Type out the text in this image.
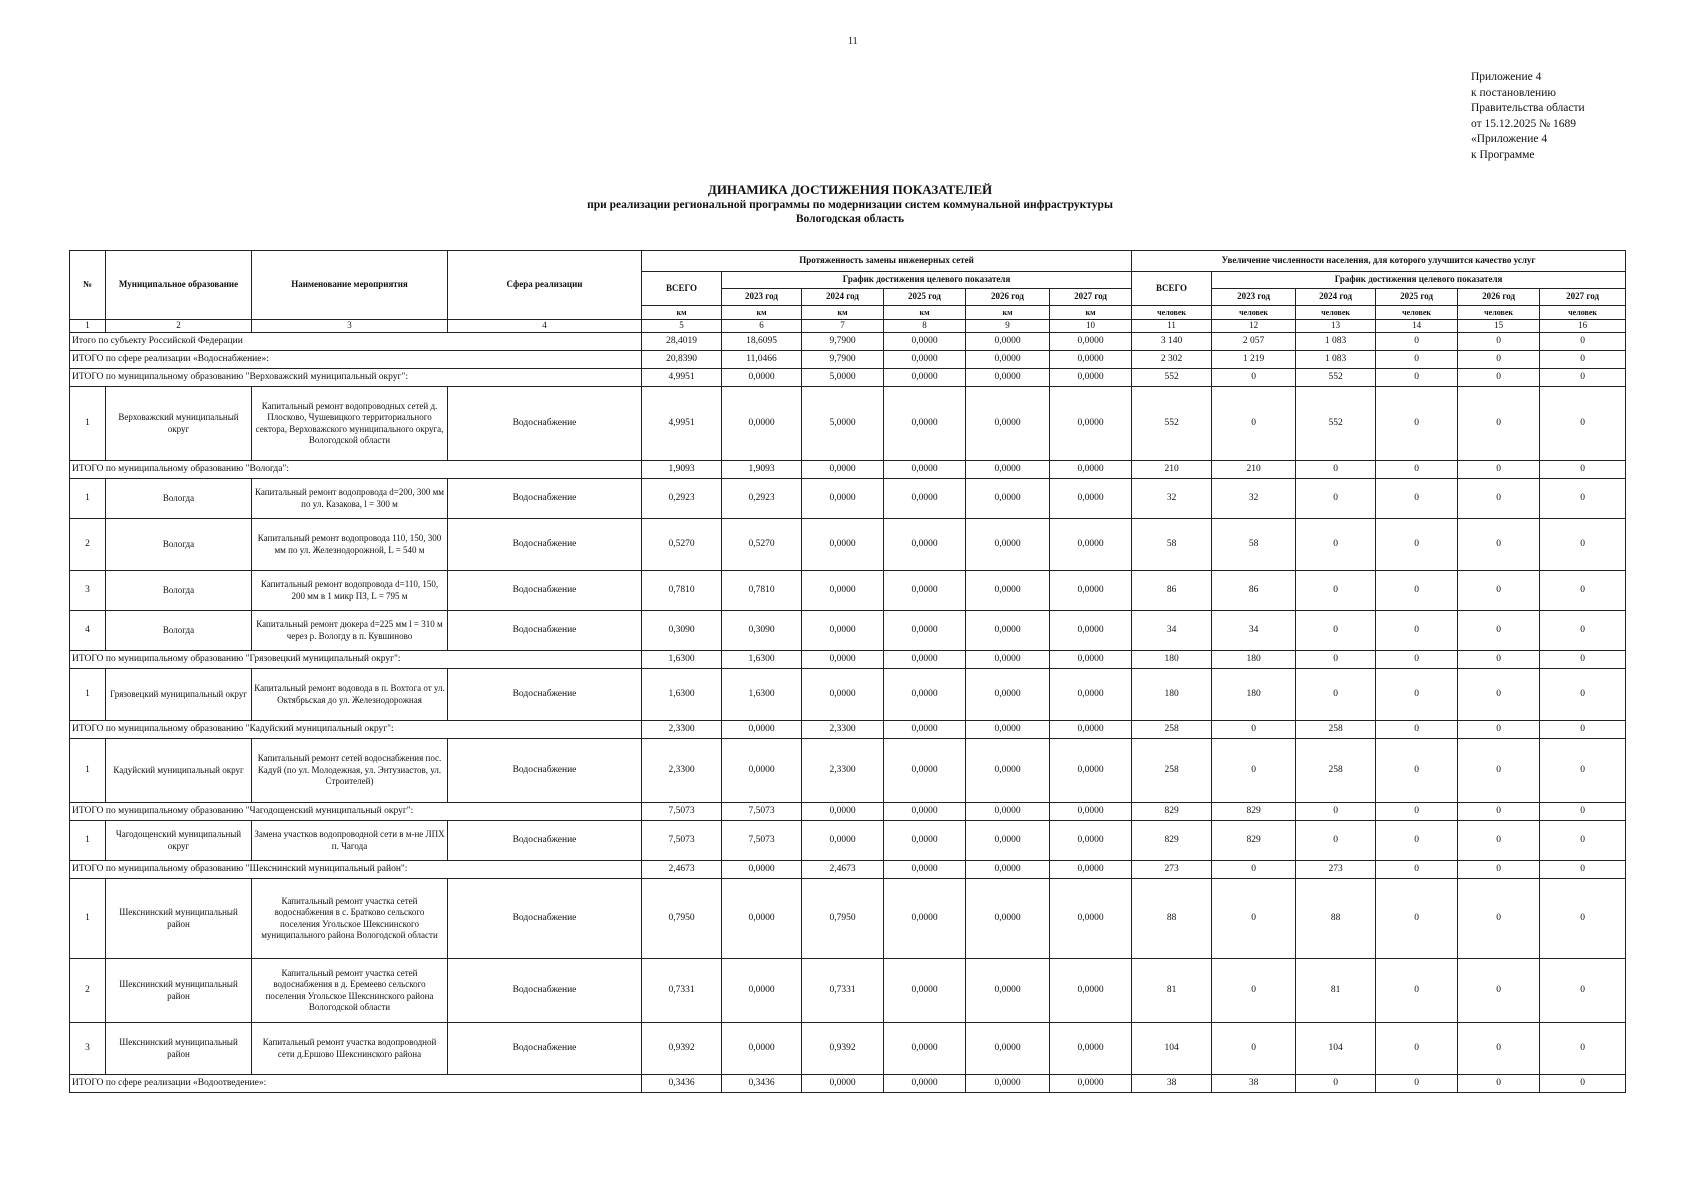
11
Приложение 4
к постановлению
Правительства области
от 15.12.2025 № 1689
«Приложение 4
к Программе
ДИНАМИКА ДОСТИЖЕНИЯ ПОКАЗАТЕЛЕЙ
при реализации региональной программы по модернизации систем коммунальной инфраструктуры
Вологодская область
№	Муниципальное образование	Наименование мероприятия	Сфера реализации	Протяженность замены инженерных сетей						Увеличение численности населения, для которого улучшится качество услуг					
				ВСЕГО	График достижения целевого показателя					ВСЕГО	График достижения целевого показателя				
					2023 год	2024 год	2025 год	2026 год	2027 год		2023 год	2024 год	2025 год	2026 год	2027 год
				км	км	км	км	км	км	человек	человек	человек	человек	человек	человек
1	2	3	4	5	6	7	8	9	10	11	12	13	14	15	16
Итого по субъекту Российской Федерации				28,4019	18,6095	9,7900	0,0000	0,0000	0,0000	3 140	2 057	1 083	0	0	0
ИТОГО по сфере реализации «Водоснабжение»:				20,8390	11,0466	9,7900	0,0000	0,0000	0,0000	2 302	1 219	1 083	0	0	0
ИТОГО по муниципальному образованию "Верховажский муниципальный округ":				4,9951	0,0000	5,0000	0,0000	0,0000	0,0000	552	0	552	0	0	0
1	Верховажский муниципальный округ	Капитальный ремонт водопроводных сетей д. Плосково, Чушевицкого территориального сектора, Верховажского муниципального округа, Вологодской области	Водоснабжение	4,9951	0,0000	5,0000	0,0000	0,0000	0,0000	552	0	552	0	0	0
ИТОГО по муниципальному образованию "Вологда":				1,9093	1,9093	0,0000	0,0000	0,0000	0,0000	210	210	0	0	0	0
1	Вологда	Капитальный ремонт водопровода d=200, 300 мм по ул. Казакова, l = 300 м	Водоснабжение	0,2923	0,2923	0,0000	0,0000	0,0000	0,0000	32	32	0	0	0	0
2	Вологда	Капитальный ремонт водопровода 110, 150, 300 мм по ул. Железнодорожной, L = 540 м	Водоснабжение	0,5270	0,5270	0,0000	0,0000	0,0000	0,0000	58	58	0	0	0	0
3	Вологда	Капитальный ремонт водопровода d=110, 150, 200 мм в 1 микр ПЗ, L = 795 м	Водоснабжение	0,7810	0,7810	0,0000	0,0000	0,0000	0,0000	86	86	0	0	0	0
4	Вологда	Капитальный ремонт дюкера d=225 мм l = 310 м через р. Вологду в п. Кувшиново	Водоснабжение	0,3090	0,3090	0,0000	0,0000	0,0000	0,0000	34	34	0	0	0	0
ИТОГО по муниципальному образованию "Грязовецкий муниципальный округ":				1,6300	1,6300	0,0000	0,0000	0,0000	0,0000	180	180	0	0	0	0
1	Грязовецкий муниципальный округ	Капитальный ремонт водовода в п. Вохтога от ул. Октябрьская до ул. Железнодорожная	Водоснабжение	1,6300	1,6300	0,0000	0,0000	0,0000	0,0000	180	180	0	0	0	0
ИТОГО по муниципальному образованию "Кадуйский муниципальный округ":				2,3300	0,0000	2,3300	0,0000	0,0000	0,0000	258	0	258	0	0	0
1	Кадуйский муниципальный округ	Капитальный ремонт сетей водоснабжения пос. Кадуй (по ул. Молодежная, ул. Энтузиастов, ул. Строителей)	Водоснабжение	2,3300	0,0000	2,3300	0,0000	0,0000	0,0000	258	0	258	0	0	0
ИТОГО по муниципальному образованию "Чагодощенский муниципальный округ":				7,5073	7,5073	0,0000	0,0000	0,0000	0,0000	829	829	0	0	0	0
1	Чагодощенский муниципальный округ	Замена участков водопроводной сети в м-не ЛПХ п. Чагода	Водоснабжение	7,5073	7,5073	0,0000	0,0000	0,0000	0,0000	829	829	0	0	0	0
ИТОГО по муниципальному образованию "Шекснинский муниципальный район":				2,4673	0,0000	2,4673	0,0000	0,0000	0,0000	273	0	273	0	0	0
1	Шекснинский муниципальный район	Капитальный ремонт участка сетей водоснабжения в с. Братково сельского поселения Угольское Шекснинского муниципального района Вологодской области	Водоснабжение	0,7950	0,0000	0,7950	0,0000	0,0000	0,0000	88	0	88	0	0	0
2	Шекснинский муниципальный район	Капитальный ремонт участка сетей водоснабжения в д. Еремеево сельского поселения Угольское Шекснинского района Вологодской области	Водоснабжение	0,7331	0,0000	0,7331	0,0000	0,0000	0,0000	81	0	81	0	0	0
3	Шекснинский муниципальный район	Капитальный ремонт участка водопроводной сети д.Ершово Шекснинского района	Водоснабжение	0,9392	0,0000	0,9392	0,0000	0,0000	0,0000	104	0	104	0	0	0
ИТОГО по сфере реализации «Водоотведение»:				0,3436	0,3436	0,0000	0,0000	0,0000	0,0000	38	38	0	0	0	0
